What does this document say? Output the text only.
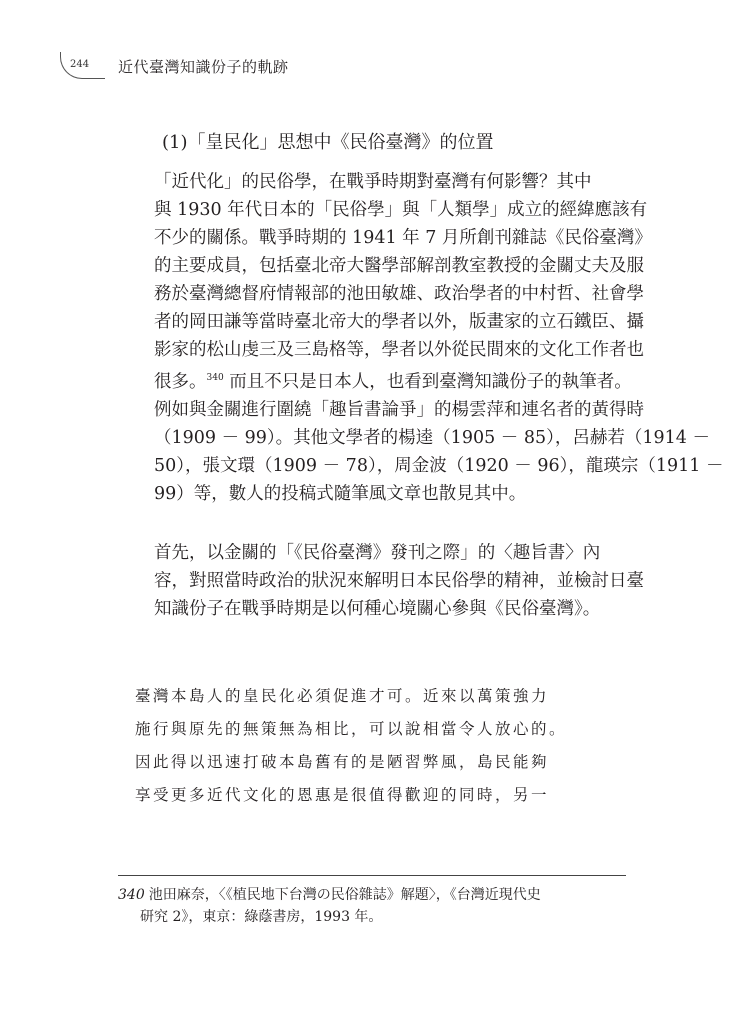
244 近代臺灣知識份子的軌跡
(1)「皇民化」思想中《民俗臺灣》的位置

「近代化」的民俗學，在戰爭時期對臺灣有何影響？其中
與 1930 年代日本的「民俗學」與「人類學」成立的經緯應該有
不少的關係。戰爭時期的 1941 年 7 月所創刊雜誌《民俗臺灣》
的主要成員，包括臺北帝大醫學部解剖教室教授的金關丈夫及服
務於臺灣總督府情報部的池田敏雄、政治學者的中村哲、社會學
者的岡田謙等當時臺北帝大的學者以外，版畫家的立石鐵臣、攝
影家的松山虔三及三島格等，學者以外從民間來的文化工作者也
很多。$^{340}$ 而且不只是日本人，也看到臺灣知識份子的執筆者。
例如與金關進行圍繞「趣旨書論爭」的楊雲萍和連名者的黃得時
（1909 － 99）。其他文學者的楊逵（1905 － 85），呂赫若（1914 －
50），張文環（1909 － 78），周金波（1920 － 96），龍瑛宗（1911 －
99）等，數人的投稿式隨筆風文章也散見其中。

首先，以金關的「《民俗臺灣》發刊之際」的〈趣旨書〉內
容，對照當時政治的狀況來解明日本民俗學的精神，並檢討日臺
知識份子在戰爭時期是以何種心境關心參與《民俗臺灣》。

臺灣本島人的皇民化必須促進才可。近來以萬策強力
施行與原先的無策無為相比，可以說相當令人放心的。
因此得以迅速打破本島舊有的是陋習弊風，島民能夠
享受更多近代文化的恩惠是很值得歡迎的同時，另一
340 池田麻奈，〈《植民地下台灣の民俗雜誌》解題〉，《台灣近現代史
研究 2》，東京：綠蔭書房，1993 年。
